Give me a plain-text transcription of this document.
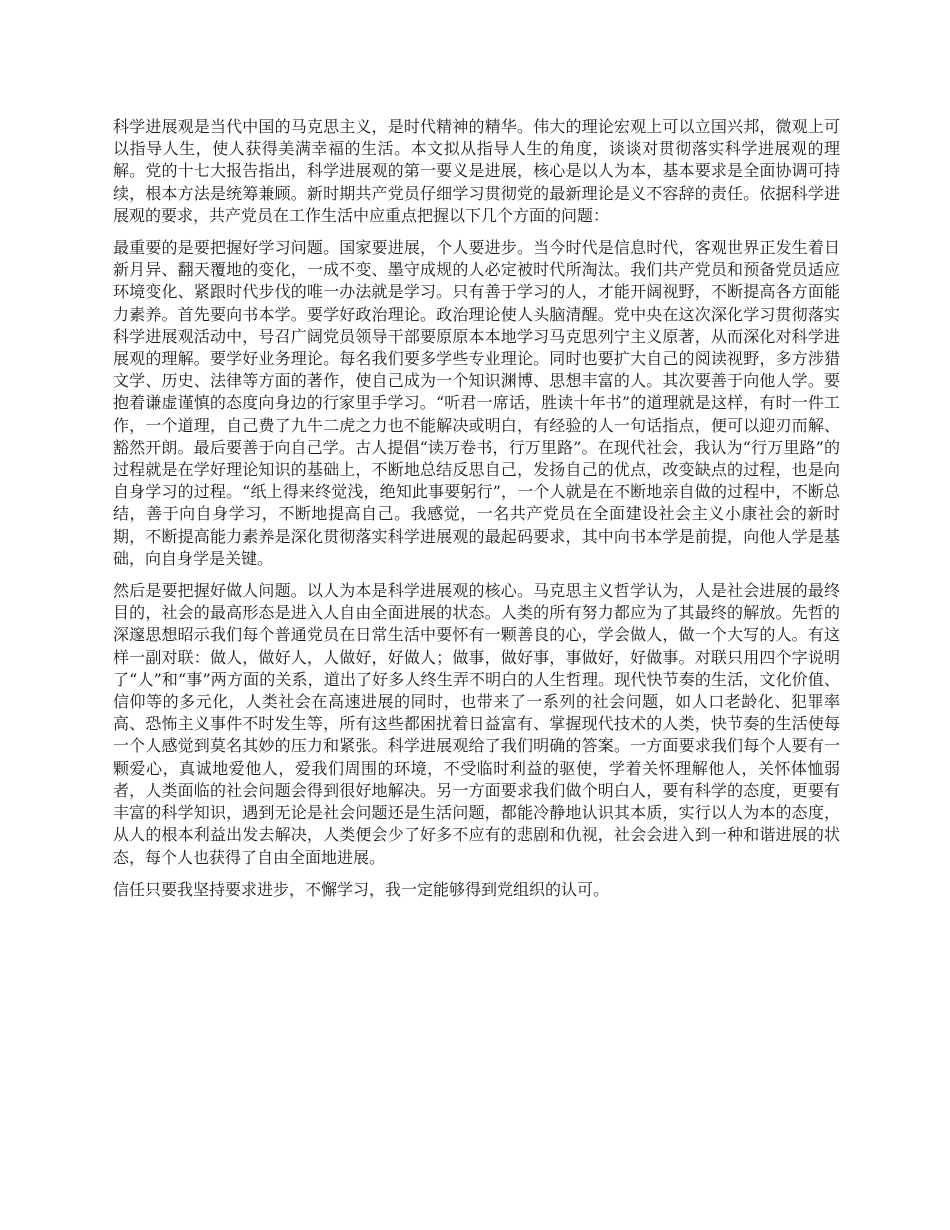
科学进展观是当代中国的马克思主义，是时代精神的精华。伟大的理论宏观上可以立国兴邦，微观上可以指导人生，使人获得美满幸福的生活。本文拟从指导人生的角度，谈谈对贯彻落实科学进展观的理解。党的十七大报告指出，科学进展观的第一要义是进展，核心是以人为本，基本要求是全面协调可持续，根本方法是统筹兼顾。新时期共产党员仔细学习贯彻党的最新理论是义不容辞的责任。依据科学进展观的要求，共产党员在工作生活中应重点把握以下几个方面的问题：

最重要的是要把握好学习问题。国家要进展，个人要进步。当今时代是信息时代，客观世界正发生着日新月异、翻天覆地的变化，一成不变、墨守成规的人必定被时代所淘汰。我们共产党员和预备党员适应环境变化、紧跟时代步伐的唯一办法就是学习。只有善于学习的人，才能开阔视野，不断提高各方面能力素养。首先要向书本学。要学好政治理论。政治理论使人头脑清醒。党中央在这次深化学习贯彻落实科学进展观活动中，号召广阔党员领导干部要原原本本地学习马克思列宁主义原著，从而深化对科学进展观的理解。要学好业务理论。每名我们要多学些专业理论。同时也要扩大自己的阅读视野，多方涉猎文学、历史、法律等方面的著作，使自己成为一个知识渊博、思想丰富的人。其次要善于向他人学。要抱着谦虚谨慎的态度向身边的行家里手学习。“听君一席话，胜读十年书”的道理就是这样，有时一件工作，一个道理，自己费了九牛二虎之力也不能解决或明白，有经验的人一句话指点，便可以迎刃而解、豁然开朗。最后要善于向自己学。古人提倡“读万卷书，行万里路”。在现代社会，我认为“行万里路”的过程就是在学好理论知识的基础上，不断地总结反思自己，发扬自己的优点，改变缺点的过程，也是向自身学习的过程。“纸上得来终觉浅，绝知此事要躬行”，一个人就是在不断地亲自做的过程中，不断总结，善于向自身学习，不断地提高自己。我感觉，一名共产党员在全面建设社会主义小康社会的新时期，不断提高能力素养是深化贯彻落实科学进展观的最起码要求，其中向书本学是前提，向他人学是基础，向自身学是关键。

然后是要把握好做人问题。以人为本是科学进展观的核心。马克思主义哲学认为，人是社会进展的最终目的，社会的最高形态是进入人自由全面进展的状态。人类的所有努力都应为了其最终的解放。先哲的深邃思想昭示我们每个普通党员在日常生活中要怀有一颗善良的心，学会做人，做一个大写的人。有这样一副对联：做人，做好人，人做好，好做人；做事，做好事，事做好，好做事。对联只用四个字说明了“人”和“事”两方面的关系，道出了好多人终生弄不明白的人生哲理。现代快节奏的生活，文化价值、信仰等的多元化，人类社会在高速进展的同时，也带来了一系列的社会问题，如人口老龄化、犯罪率高、恐怖主义事件不时发生等，所有这些都困扰着日益富有、掌握现代技术的人类，快节奏的生活使每一个人感觉到莫名其妙的压力和紧张。科学进展观给了我们明确的答案。一方面要求我们每个人要有一颗爱心，真诚地爱他人，爱我们周围的环境，不受临时利益的驱使，学着关怀理解他人，关怀体恤弱者，人类面临的社会问题会得到很好地解决。另一方面要求我们做个明白人，要有科学的态度，更要有丰富的科学知识，遇到无论是社会问题还是生活问题，都能冷静地认识其本质，实行以人为本的态度，从人的根本利益出发去解决，人类便会少了好多不应有的悲剧和仇视，社会会进入到一种和谐进展的状态，每个人也获得了自由全面地进展。

信任只要我坚持要求进步，不懈学习，我一定能够得到党组织的认可。
